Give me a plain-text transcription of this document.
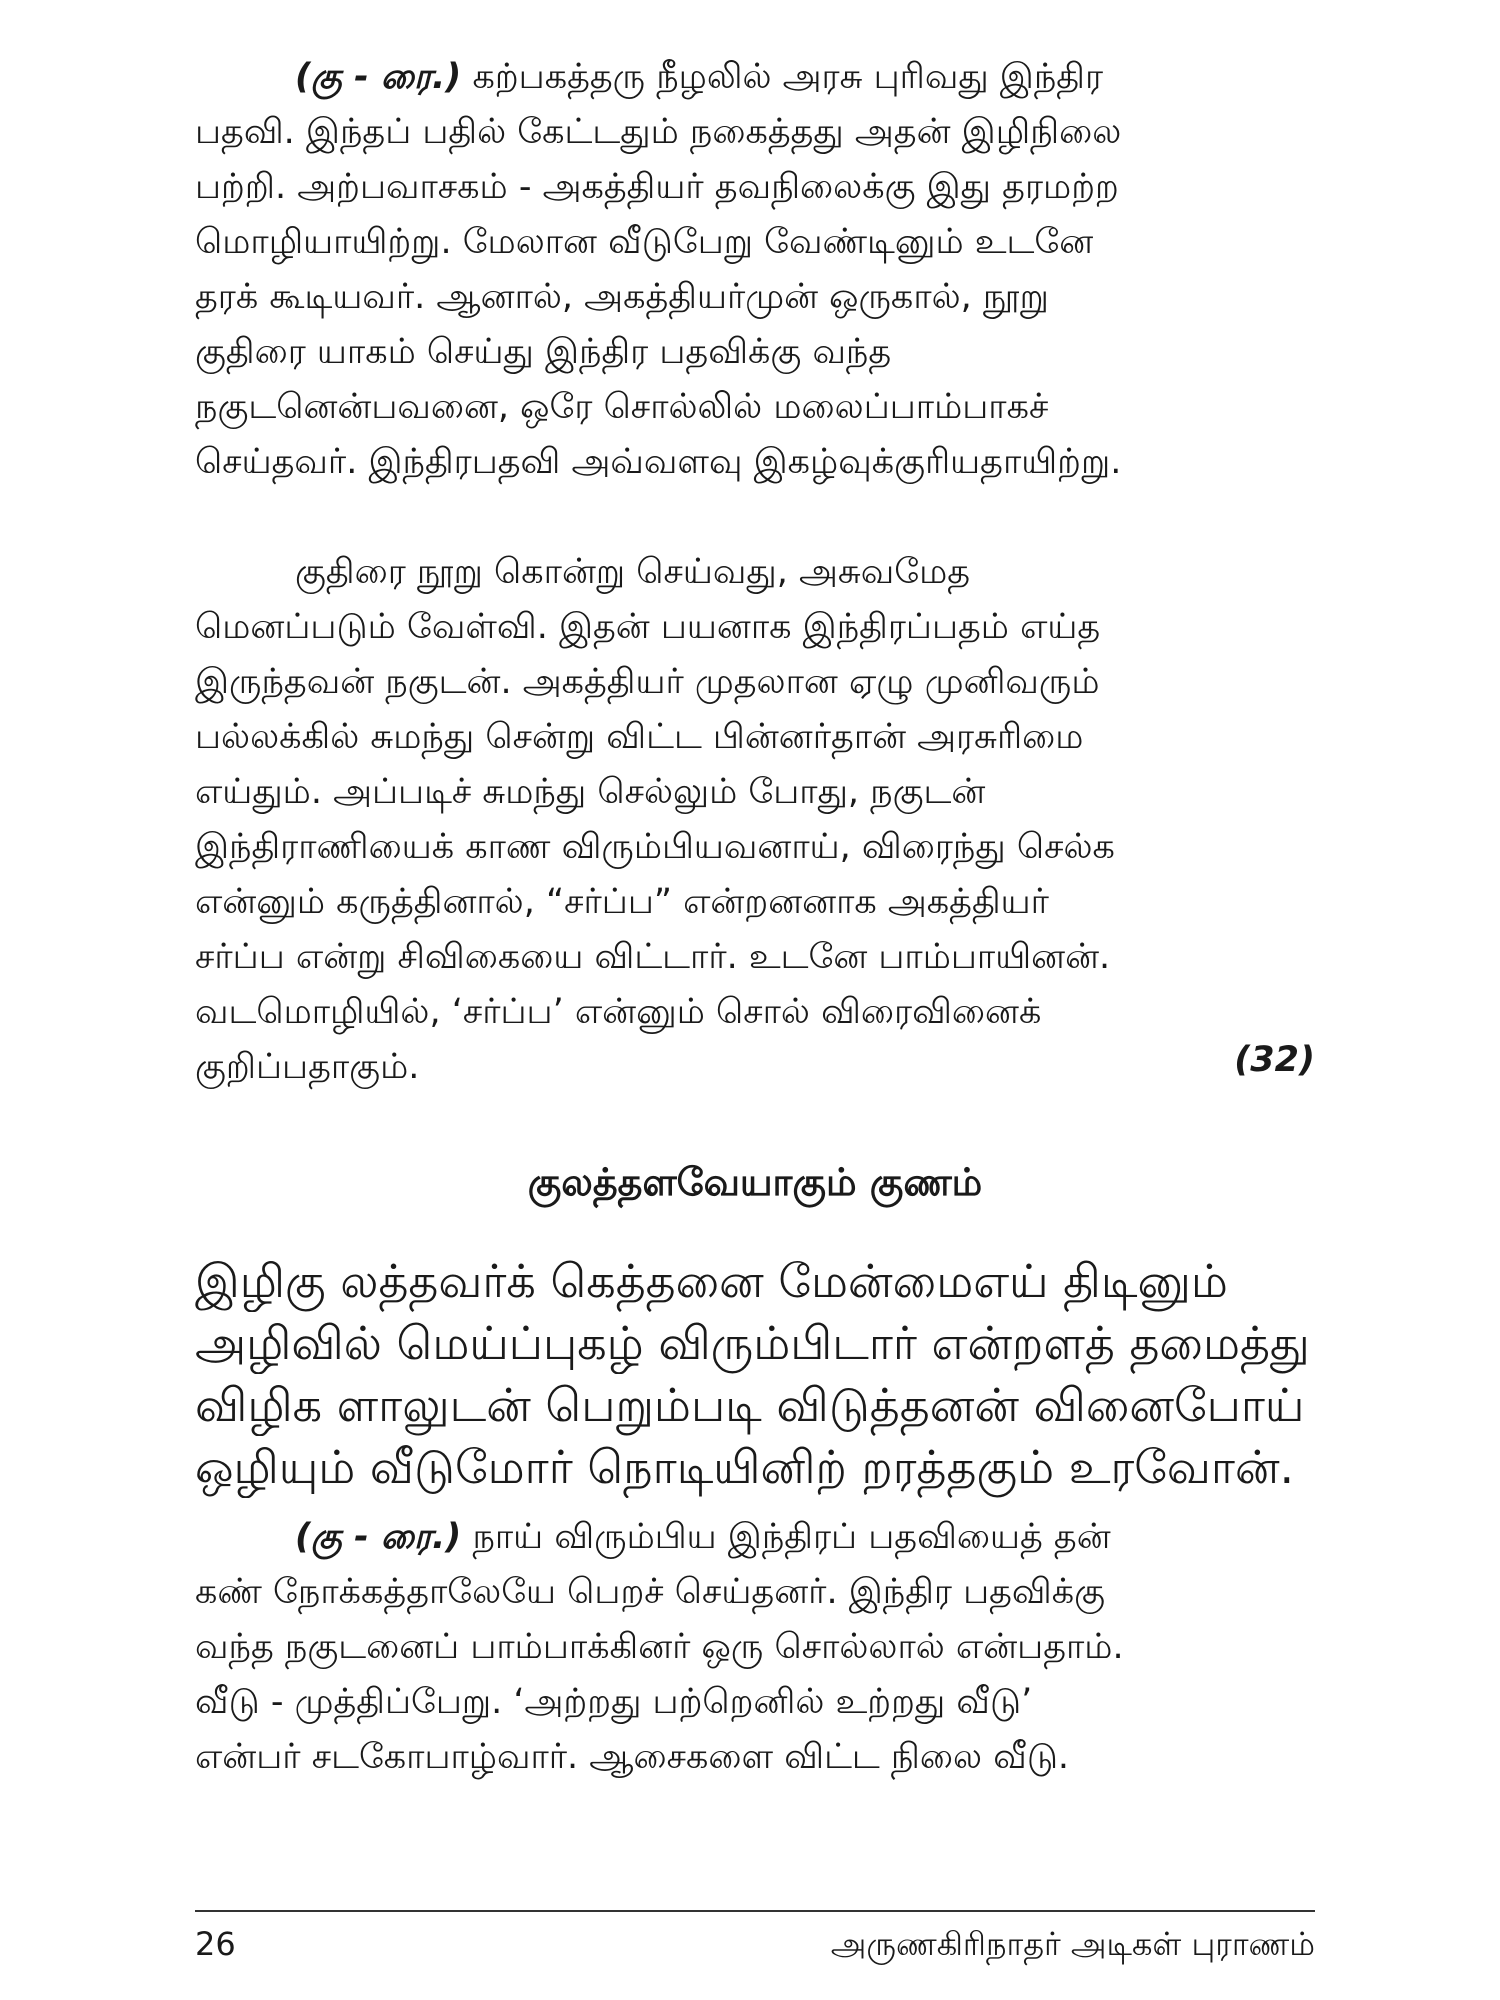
(கு - ரை.) கற்பகத்தரு நீழலில் அரசு புரிவது இந்திர
பதவி. இந்தப் பதில் கேட்டதும் நகைத்தது அதன் இழிநிலை
பற்றி. அற்பவாசகம் - அகத்தியர் தவநிலைக்கு இது தரமற்ற
மொழியாயிற்று. மேலான வீடுபேறு வேண்டினும் உடனே
தரக் கூடியவர். ஆனால், அகத்தியர்முன் ஒருகால், நூறு
குதிரை யாகம் செய்து இந்திர பதவிக்கு வந்த
நகுடனென்பவனை, ஒரே சொல்லில் மலைப்பாம்பாகச்
செய்தவர். இந்திரபதவி அவ்வளவு இகழ்வுக்குரியதாயிற்று.
குதிரை நூறு கொன்று செய்வது, அசுவமேத
மெனப்படும் வேள்வி. இதன் பயனாக இந்திரப்பதம் எய்த
இருந்தவன் நகுடன். அகத்தியர் முதலான ஏழு முனிவரும்
பல்லக்கில் சுமந்து சென்று விட்ட பின்னர்தான் அரசுரிமை
எய்தும். அப்படிச் சுமந்து செல்லும் போது, நகுடன்
இந்திராணியைக் காண விரும்பியவனாய், விரைந்து செல்க
என்னும் கருத்தினால், “சர்ப்ப” என்றனனாக அகத்தியர்
சர்ப்ப என்று சிவிகையை விட்டார். உடனே பாம்பாயினன்.
வடமொழியில், ‘சர்ப்ப’ என்னும் சொல் விரைவினைக்
குறிப்பதாகும்.	(32)
குலத்தளவேயாகும் குணம்
இழிகு லத்தவர்க் கெத்தனை மேன்மைஎய் திடினும்
அழிவில் மெய்ப்புகழ் விரும்பிடார் என்றளத் தமைத்து
விழிக ளாலுடன் பெறும்படி விடுத்தனன் வினைபோய்
ஒழியும் வீடுமோர் நொடியினிற் றரத்தகும் உரவோன்.
(கு - ரை.) நாய் விரும்பிய இந்திரப் பதவியைத் தன்
கண் நோக்கத்தாலேயே பெறச் செய்தனர். இந்திர பதவிக்கு
வந்த நகுடனைப் பாம்பாக்கினர் ஒரு சொல்லால் என்பதாம்.
வீடு - முத்திப்பேறு. ‘அற்றது பற்றெனில் உற்றது வீடு’
என்பர் சடகோபாழ்வார். ஆசைகளை விட்ட நிலை வீடு.
26	அருணகிரிநாதர் அடிகள் புராணம்
